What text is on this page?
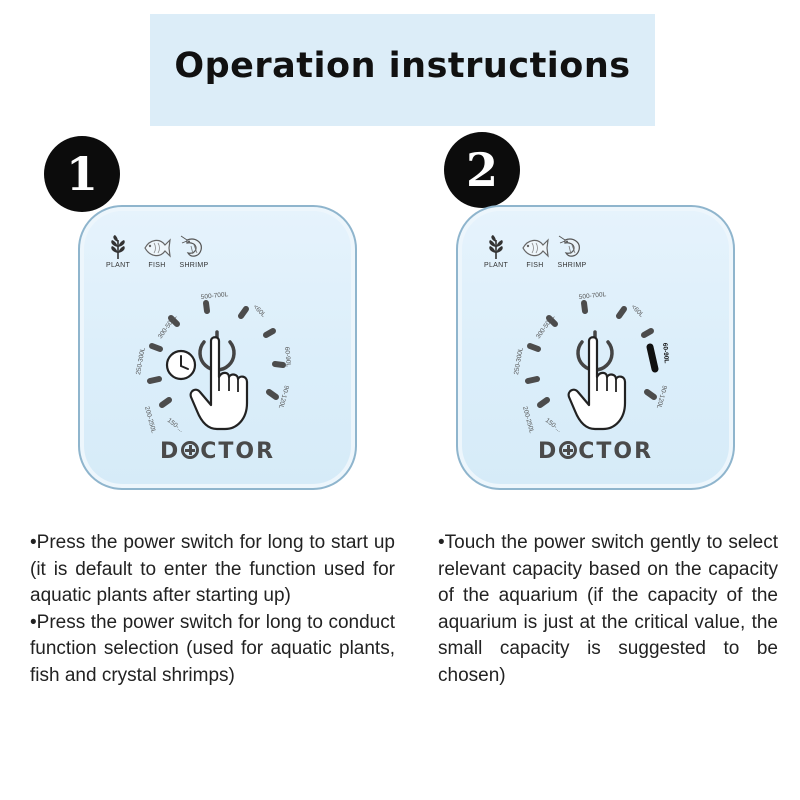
Operation instructions
1	2
PLANT	FISH	SHRIMP
150-...
200-250L
250-300L
300-500L
500-700L
<60L
60-90L
90-120L
D CTOR
PLANT	FISH	SHRIMP
150-...
200-250L
250-300L
300-500L
500-700L
<60L
60-90L
90-120L
D CTOR

•Press the power switch for long to start up (it is default to enter the function used for aquatic plants after starting up)

•Press the power switch for long to conduct function selection (used for aquatic plants, fish and crystal shrimps)

•Touch the power switch gently to select relevant capacity based on the capacity of the aquarium (if the capacity of the aquarium is just at the critical value, the small capacity is suggested to be chosen)
